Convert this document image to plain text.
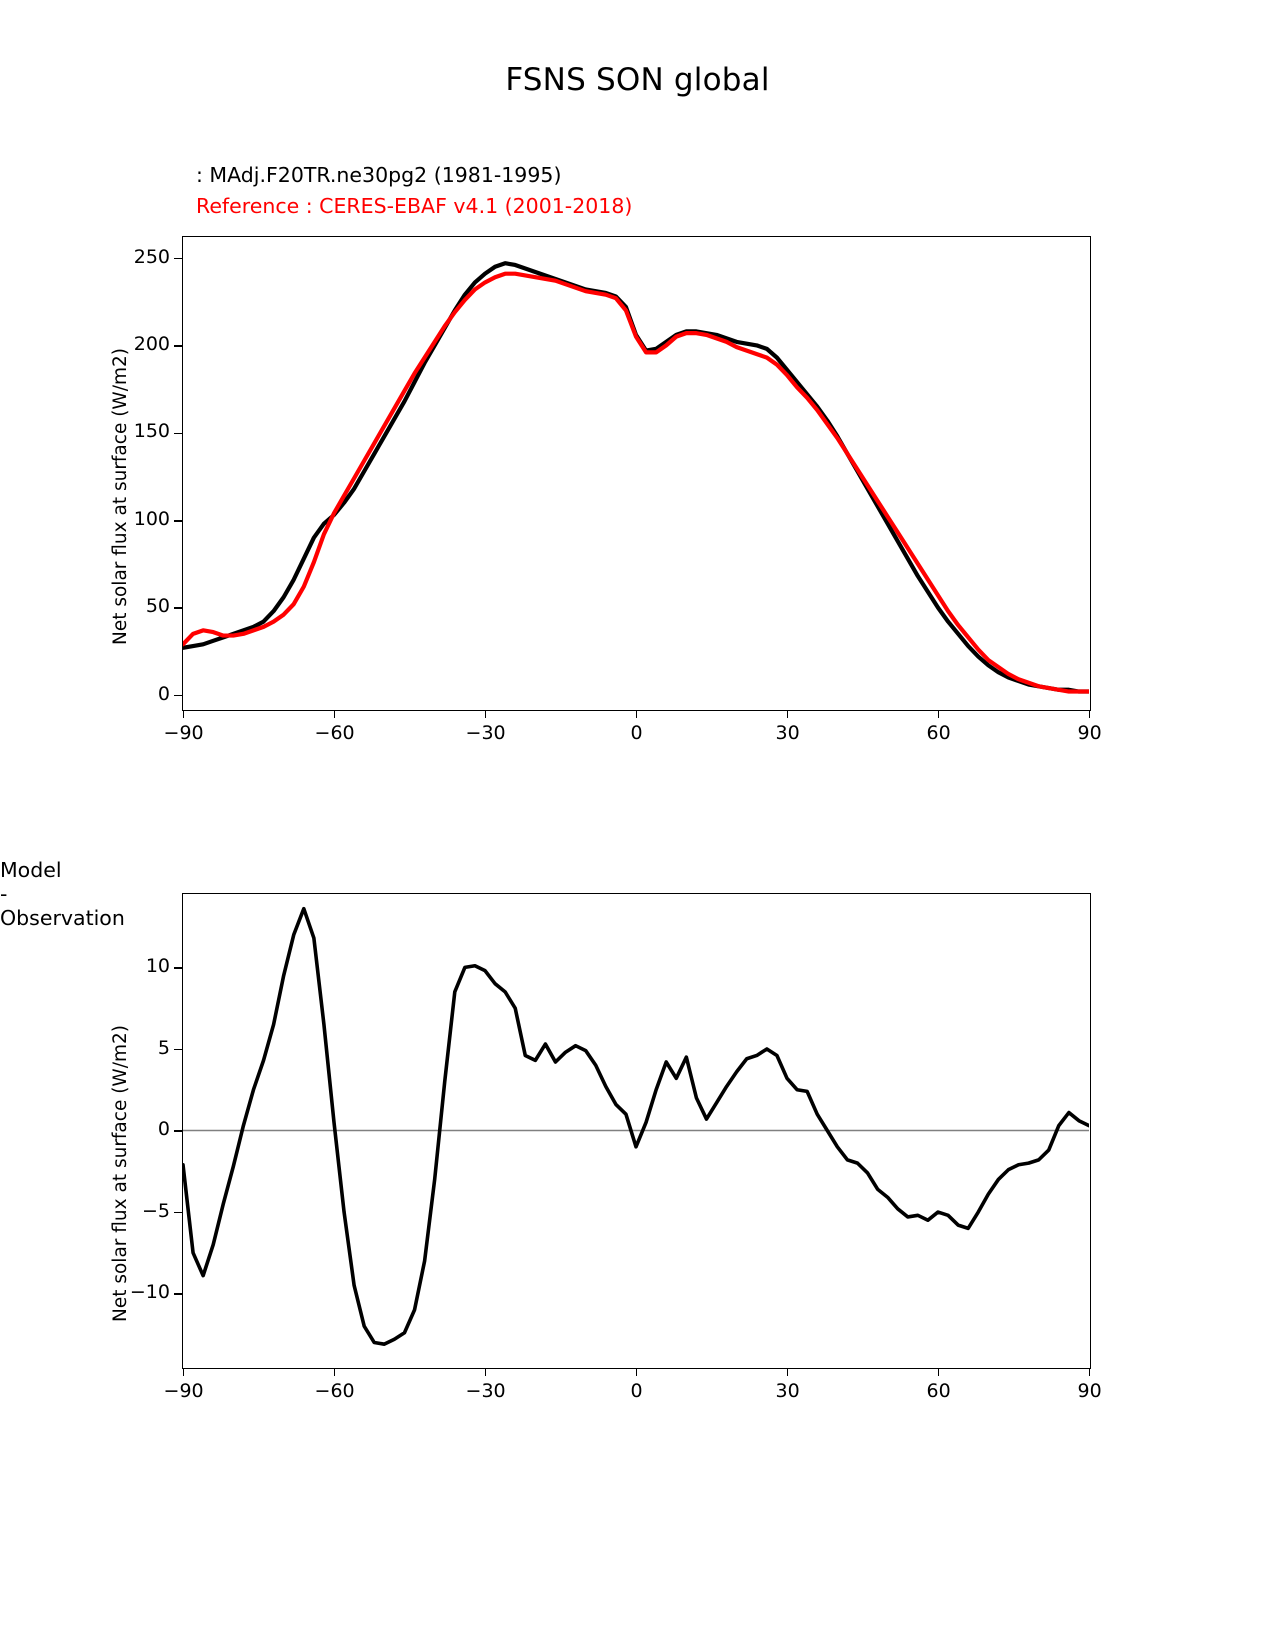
FSNS SON global
: MAdj.F20TR.ne30pg2 (1981-1995)
Reference : CERES-EBAF v4.1 (2001-2018)
Net solar flux at surface (W/m2)
Model - Observation
Net solar flux at surface (W/m2)
0
50
100
150
200
250
−90	−60	−30	0	30	60	90
−10
−5
0
5
10
−90	−60	−30	0	30	60	90
